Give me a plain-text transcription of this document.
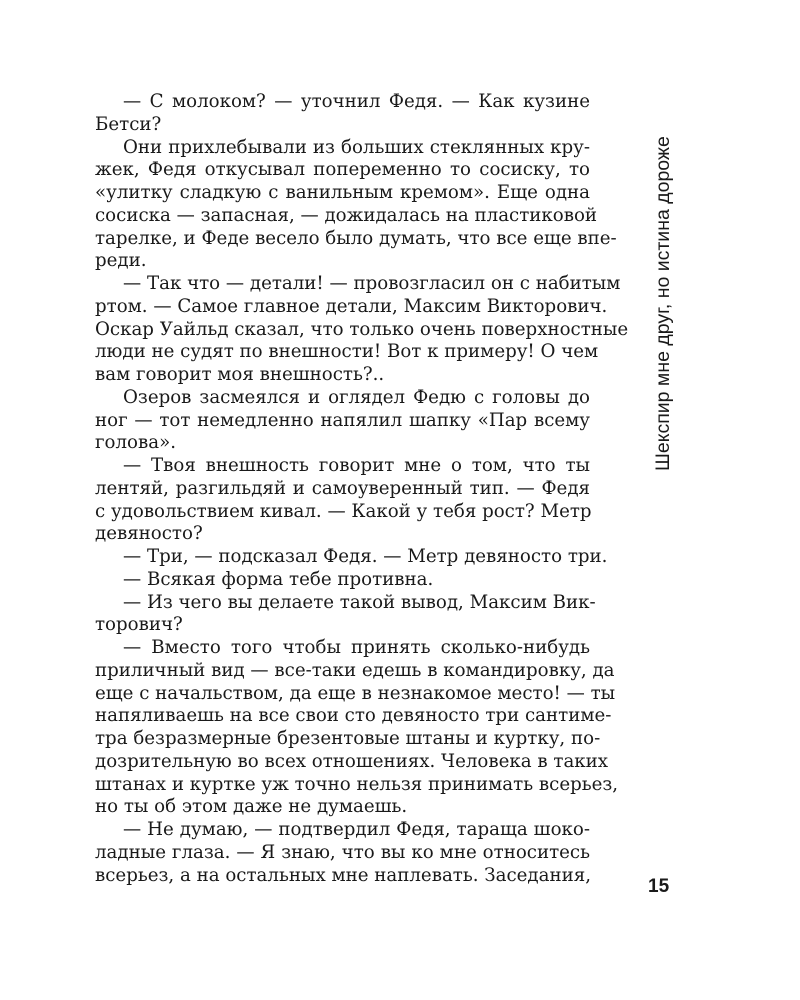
— С молоком? — уточнил Федя. — Как кузине
Бетси?
Они прихлебывали из больших стеклянных кру-
жек, Федя откусывал попеременно то сосиску, то
«улитку сладкую с ванильным кремом». Еще одна
сосиска — запасная, — дожидалась на пластиковой
тарелке, и Феде весело было думать, что все еще впе-
реди.
— Так что — детали! — провозгласил он с набитым
ртом. — Самое главное детали, Максим Викторович.
Оскар Уайльд сказал, что только очень поверхностные
люди не судят по внешности! Вот к примеру! О чем
вам говорит моя внешность?..
Озеров засмеялся и оглядел Федю с головы до
ног — тот немедленно напялил шапку «Пар всему
голова».
— Твоя внешность говорит мне о том, что ты
лентяй, разгильдяй и самоуверенный тип. — Федя
с удовольствием кивал. — Какой у тебя рост? Метр
девяносто?
— Три, — подсказал Федя. — Метр девяносто три.
— Всякая форма тебе противна.
— Из чего вы делаете такой вывод, Максим Вик-
торович?
— Вместо того чтобы принять сколько-нибудь
приличный вид — все-таки едешь в командировку, да
еще с начальством, да еще в незнакомое место! — ты
напяливаешь на все свои сто девяносто три сантиме-
тра безразмерные брезентовые штаны и куртку, по-
дозрительную во всех отношениях. Человека в таких
штанах и куртке уж точно нельзя принимать всерьез,
но ты об этом даже не думаешь.
— Не думаю, — подтвердил Федя, тараща шоко-
ладные глаза. — Я знаю, что вы ко мне относитесь
всерьез, а на остальных мне наплевать. Заседания,
Шекспир мне друг, но истина дороже
15
